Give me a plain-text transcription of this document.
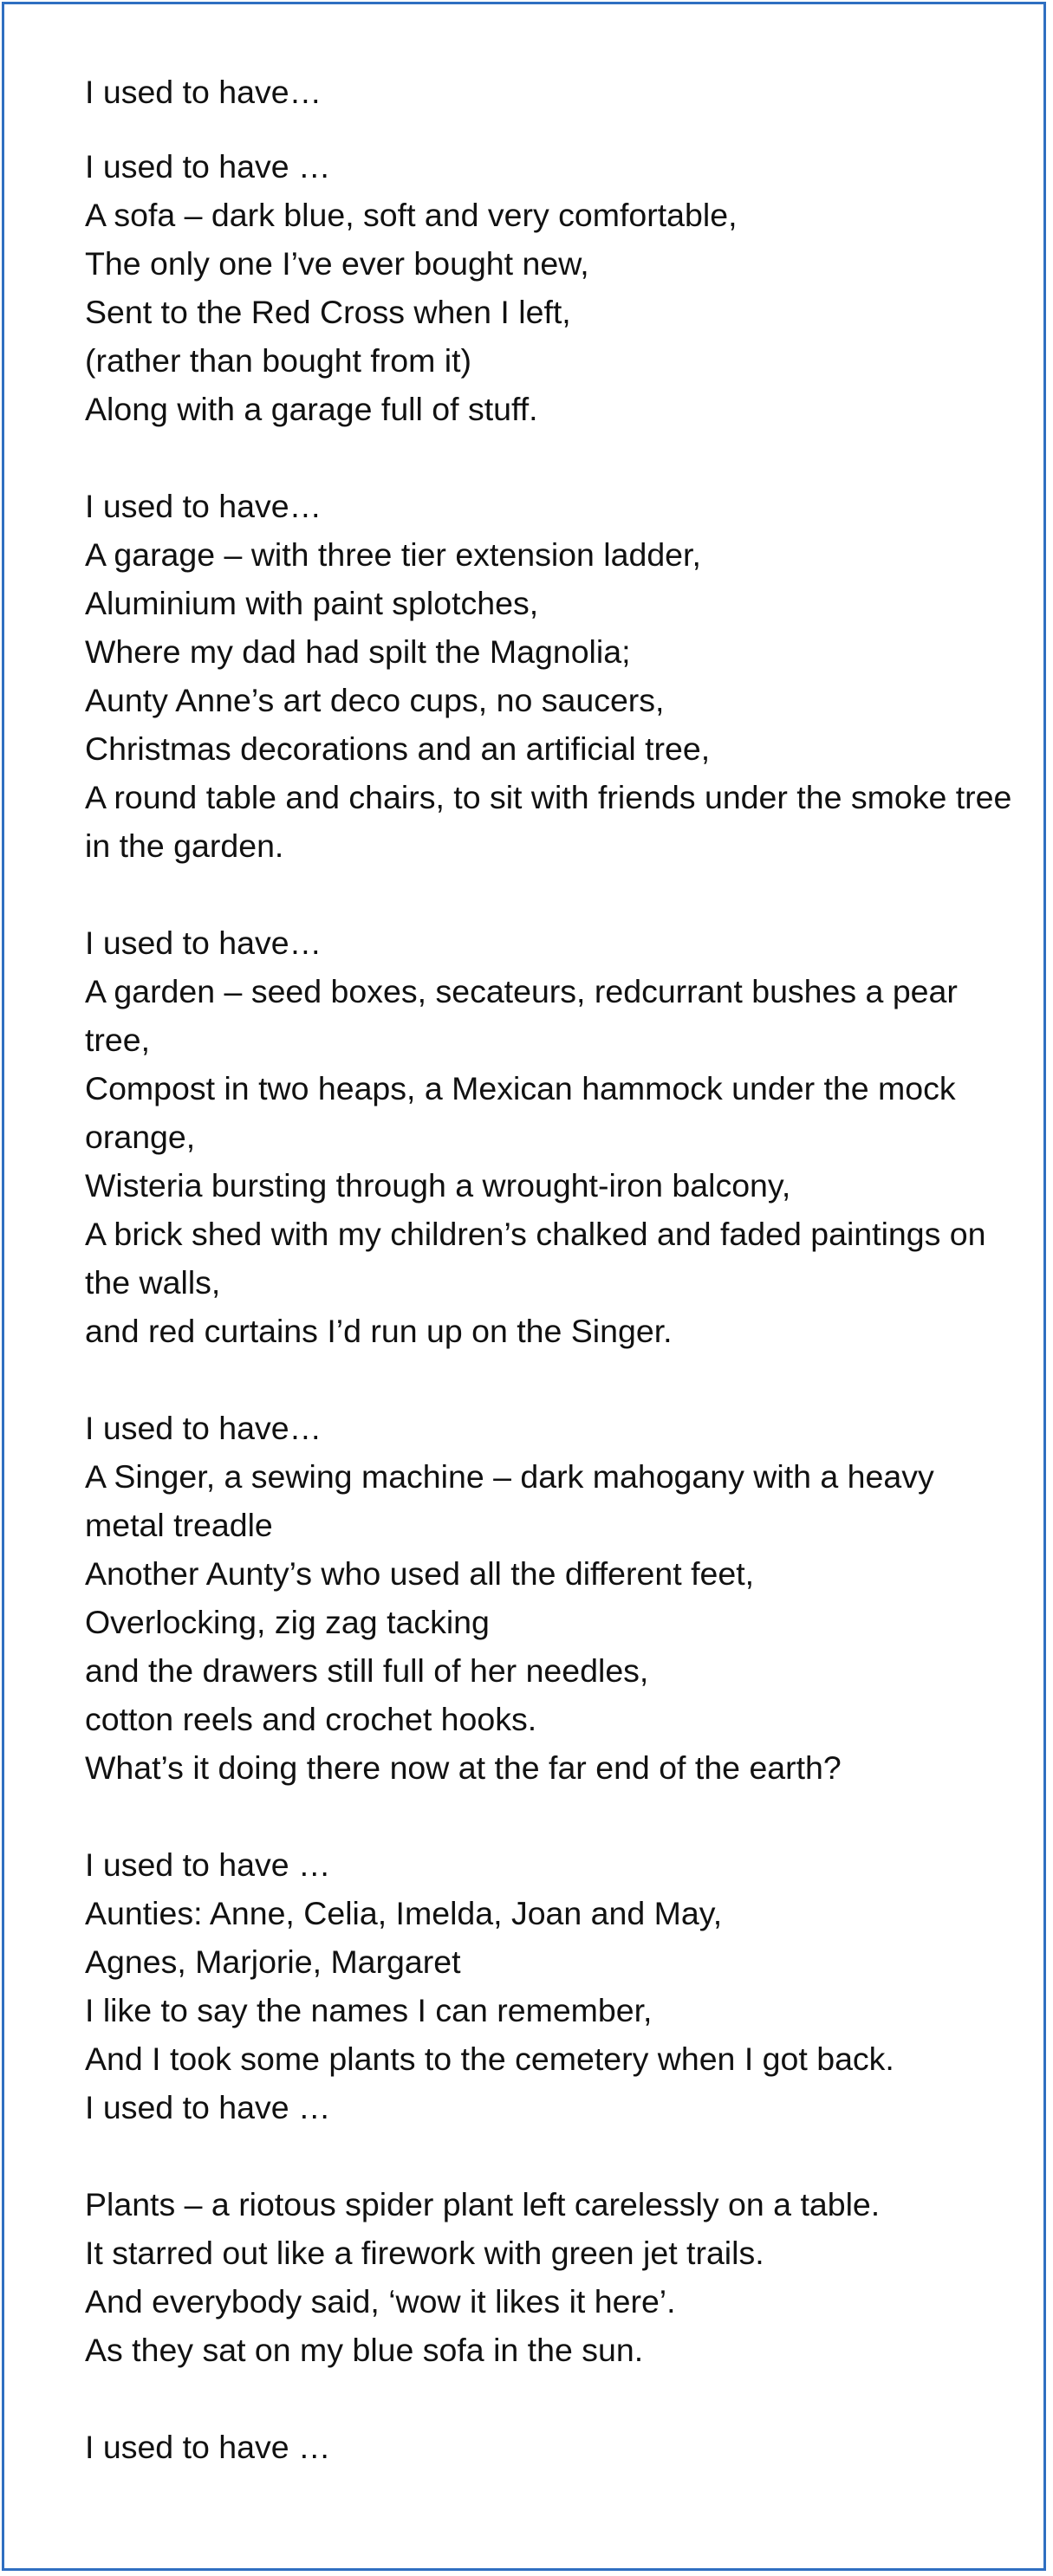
I used to have…
I used to have …
A sofa – dark blue, soft and very comfortable,
The only one I’ve ever bought new,
Sent to the Red Cross when I left,
(rather than bought from it)
Along with a garage full of stuff.
I used to have…
A garage – with three tier extension ladder,
Aluminium with paint splotches,
Where my dad had spilt the Magnolia;
Aunty Anne’s art deco cups, no saucers,
Christmas decorations and an artificial tree,
A round table and chairs, to sit with friends under the smoke tree in the garden.
I used to have…
A garden – seed boxes, secateurs, redcurrant bushes a pear tree,
Compost in two heaps, a Mexican hammock under the mock orange,
Wisteria bursting through a wrought-iron balcony,
A brick shed with my children’s chalked and faded paintings on the walls,
and red curtains I’d run up on the Singer.
I used to have…
A Singer, a sewing machine – dark mahogany with a heavy metal treadle
Another Aunty’s who used all the different feet,
Overlocking, zig zag tacking
and the drawers still full of her needles,
cotton reels and crochet hooks.
What’s it doing there now at the far end of the earth?
I used to have …
Aunties: Anne, Celia, Imelda, Joan and May,
Agnes, Marjorie, Margaret
I like to say the names I can remember,
And I took some plants to the cemetery when I got back.
I used to have …
Plants – a riotous spider plant left carelessly on a table.
It starred out like a firework with green jet trails.
And everybody said, ‘wow it likes it here’.
As they sat on my blue sofa in the sun.
I used to have …
